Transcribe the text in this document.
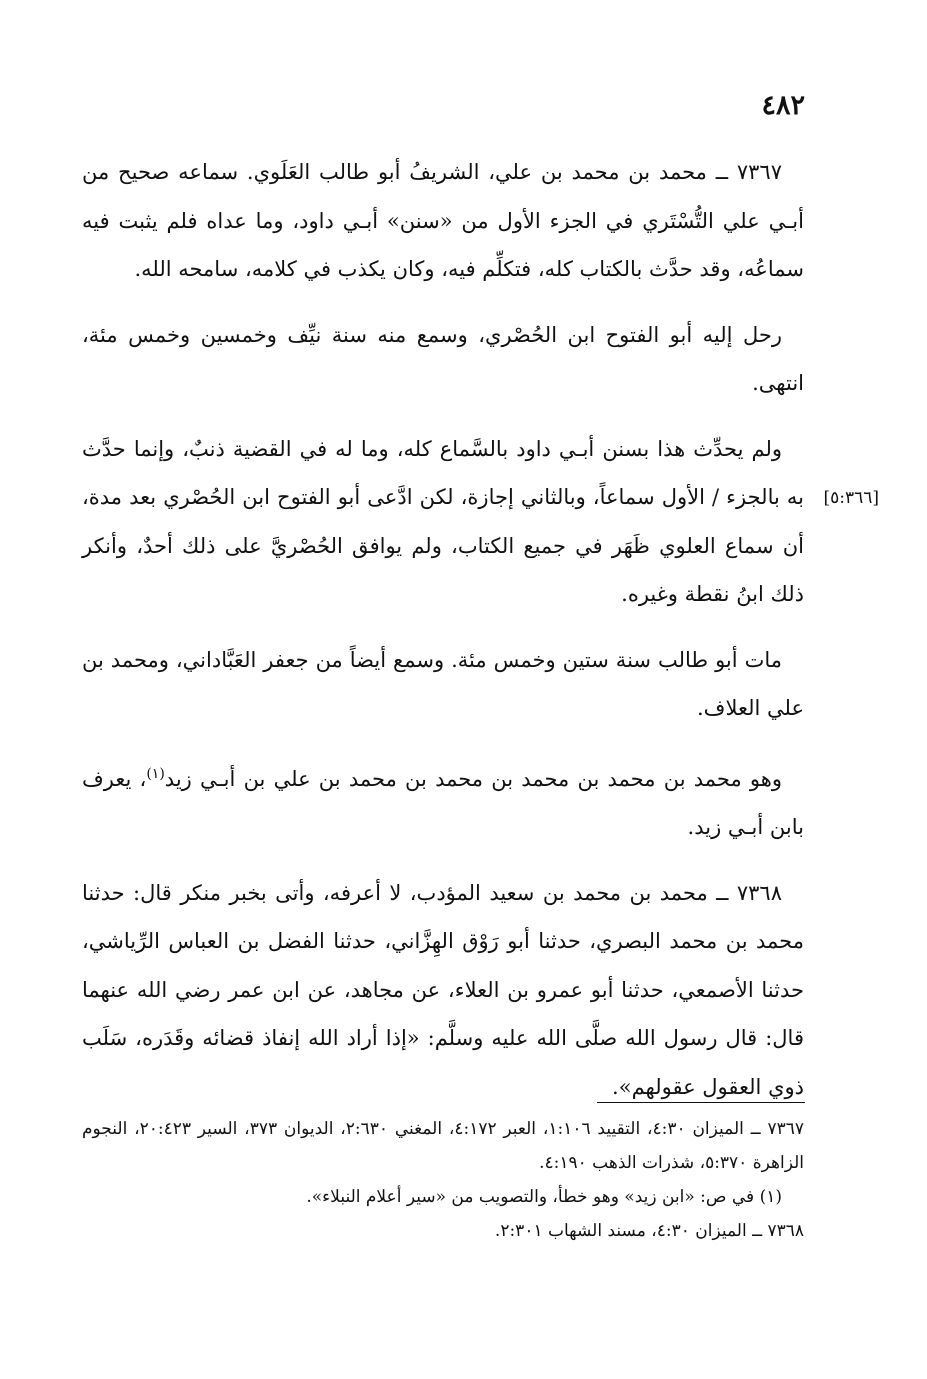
٤٨٢

٧٣٦٧ ــ محمد بن محمد بن علي، الشريفُ أبو طالب العَلَوي. سماعه صحيح من أبـي علي التُّسْتَري في الجزء الأول من «سنن» أبـي داود، وما عداه فلم يثبت فيه سماعُه، وقد حدَّث بالكتاب كله، فتكلِّم فيه، وكان يكذب في كلامه، سامحه الله.

رحل إليه أبو الفتوح ابن الحُصْري، وسمع منه سنة نيِّف وخمسين وخمس مئة، انتهى.

ولم يحدِّث هذا بسنن أبـي داود بالسَّماع كله، وما له في القضية ذنبٌ، وإنما حدَّث به بالجزء / الأول سماعاً، وبالثاني إجازة، لكن ادَّعى أبو الفتوح ابن الحُصْري بعد مدة، أن سماع العلوي ظَهَر في جميع الكتاب، ولم يوافق الحُصْريَّ على ذلك أحدٌ، وأنكر ذلك ابنُ نقطة وغيره.

مات أبو طالب سنة ستين وخمس مئة. وسمع أيضاً من جعفر العَبَّاداني، ومحمد بن علي العلاف.

وهو محمد بن محمد بن محمد بن محمد بن محمد بن علي بن أبـي زيد$^{(١)}$، يعرف بابن أبـي زيد.

٧٣٦٨ ــ محمد بن محمد بن سعيد المؤدب، لا أعرفه، وأتى بخبر منكر قال: حدثنا محمد بن محمد البصري، حدثنا أبو رَوْق الهِزَّاني، حدثنا الفضل بن العباس الرِّياشي، حدثنا الأصمعي، حدثنا أبو عمرو بن العلاء، عن مجاهد، عن ابن عمر رضي الله عنهما قال: قال رسول الله صلَّى الله عليه وسلَّم: «إذا أراد الله إنفاذ قضائه وقَدَره، سَلَب ذوي العقول عقولهم».

[٥:٣٦٦]

٧٣٦٧ ــ الميزان ٤:٣٠، التقييد ١:١٠٦، العبر ٤:١٧٢، المغني ٢:٦٣٠، الديوان ٣٧٣، السير ٢٠:٤٢٣، النجوم الزاهرة ٥:٣٧٠، شذرات الذهب ٤:١٩٠.

(١) في ص: «ابن زيد» وهو خطأ، والتصويب من «سير أعلام النبلاء».

٧٣٦٨ ــ الميزان ٤:٣٠، مسند الشهاب ٢:٣٠١.
